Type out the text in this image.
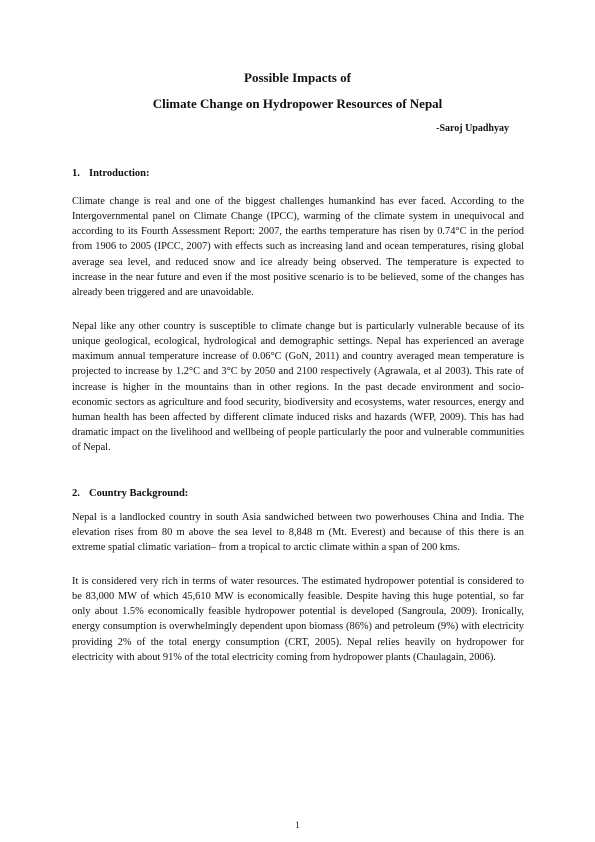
Possible Impacts of
Climate Change on Hydropower Resources of Nepal
-Saroj Upadhyay
1. Introduction:
Climate change is real and one of the biggest challenges humankind has ever faced. According to the Intergovernmental panel on Climate Change (IPCC), warming of the climate system in unequivocal and according to its Fourth Assessment Report: 2007, the earths temperature has risen by 0.74°C in the period from 1906 to 2005 (IPCC, 2007) with effects such as increasing land and ocean temperatures, rising global average sea level, and reduced snow and ice already being observed. The temperature is expected to increase in the near future and even if the most positive scenario is to be believed, some of the changes has already been triggered and are unavoidable.
Nepal like any other country is susceptible to climate change but is particularly vulnerable because of its unique geological, ecological, hydrological and demographic settings. Nepal has experienced an average maximum annual temperature increase of 0.06°C (GoN, 2011) and country averaged mean temperature is projected to increase by 1.2°C and 3°C by 2050 and 2100 respectively (Agrawala, et al 2003). This rate of increase is higher in the mountains than in other regions. In the past decade environment and socio-economic sectors as agriculture and food security, biodiversity and ecosystems, water resources, energy and human health has been affected by different climate induced risks and hazards (WFP, 2009). This has had dramatic impact on the livelihood and wellbeing of people particularly the poor and vulnerable communities of Nepal.
2. Country Background:
Nepal is a landlocked country in south Asia sandwiched between two powerhouses China and India. The elevation rises from 80 m above the sea level to 8,848 m (Mt. Everest) and because of this there is an extreme spatial climatic variation– from a tropical to arctic climate within a span of 200 kms.
It is considered very rich in terms of water resources. The estimated hydropower potential is considered to be 83,000 MW of which 45,610 MW is economically feasible. Despite having this huge potential, so far only about 1.5% economically feasible hydropower potential is developed (Sangroula, 2009). Ironically, energy consumption is overwhelmingly dependent upon biomass (86%) and petroleum (9%) with electricity providing 2% of the total energy consumption (CRT, 2005). Nepal relies heavily on hydropower for electricity with about 91% of the total electricity coming from hydropower plants (Chaulagain, 2006).
1
